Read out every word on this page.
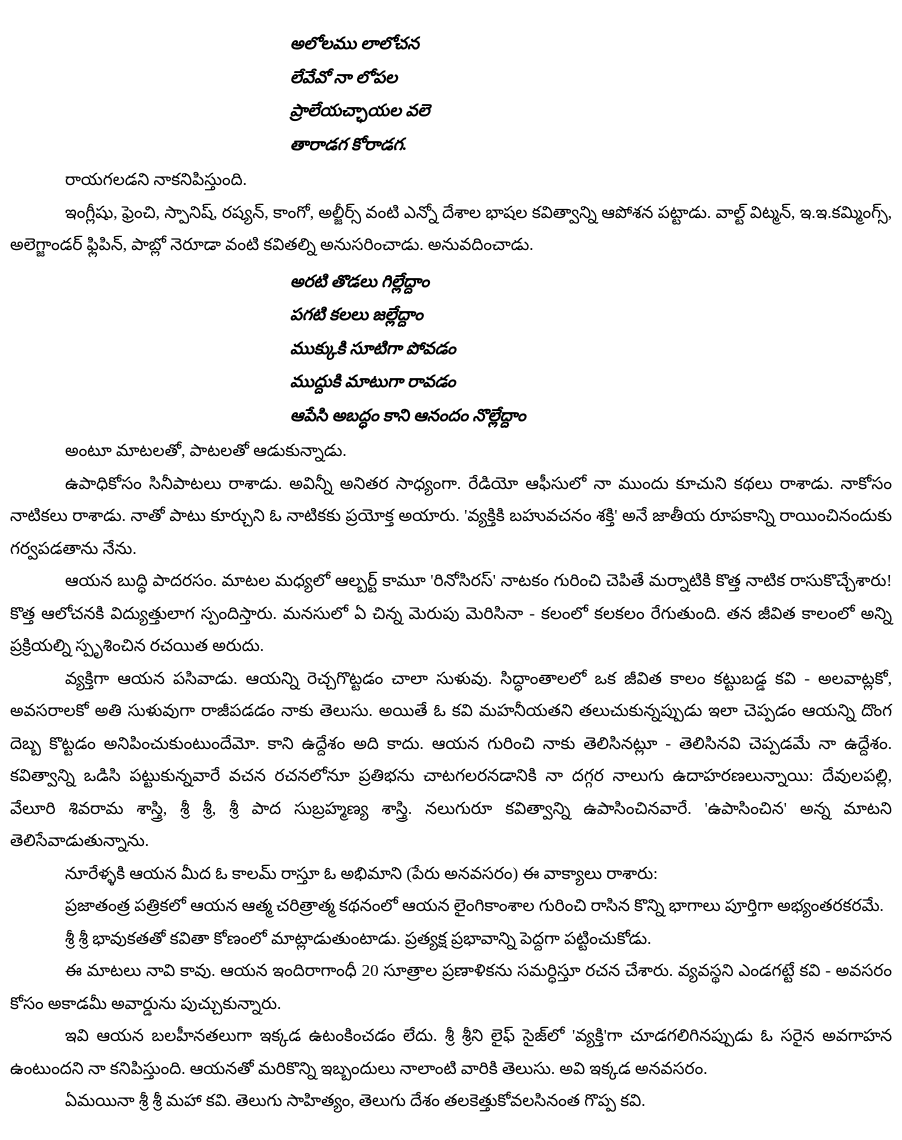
అలోలము లాలోచన
లేవేవో నా లోపల
ప్రాలేయచ్ఛాయల వలె
తారాడగ కోరాడగ.

రాయగలడని నాకనిపిస్తుంది.

ఇంగ్లీషు, ఫ్రెంచి, స్పానిష్, రష్యన్, కాంగో, అల్జీర్స్ వంటి ఎన్నో దేశాల భాషల కవిత్వాన్ని ఆపోశన పట్టాడు. వాల్ట్ విట్మన్, ఇ.ఇ.కమ్మింగ్స్, అలెగ్జాండర్ ఫ్లిపిన్, పాబ్లో నెరూడా వంటి కవితల్ని అనుసరించాడు. అనువదించాడు.

అరటి తొడలు గిల్లేద్దాం
పగటి కలలు జల్లేద్దాం
ముక్కుకి సూటిగా పోవడం
ముద్దుకి మాటుగా రావడం
ఆపేసి అబద్ధం కాని ఆనందం నొల్లేద్దాం

అంటూ మాటలతో, పాటలతో ఆడుకున్నాడు.

ఉపాధికోసం సినీపాటలు రాశాడు. అవిన్నీ అనితర సాధ్యంగా. రేడియో ఆఫీసులో నా ముందు కూచుని కథలు రాశాడు. నాకోసం నాటికలు రాశాడు. నాతో పాటు కూర్చుని ఓ నాటికకు ప్రయోక్త అయారు. 'వ్యక్తికి బహువచనం శక్తి' అనే జాతీయ రూపకాన్ని రాయించినందుకు గర్వపడతాను నేను.

ఆయన బుద్ధి పాదరసం. మాటల మధ్యలో ఆల్బర్ట్ కామూ 'రినోసిరస్' నాటకం గురించి చెపితే మర్నాటికి కొత్త నాటిక రాసుకొచ్చేశారు! కొత్త ఆలోచనకి విద్యుత్తులాగ స్పందిస్తారు. మనసులో ఏ చిన్న మెరుపు మెరిసినా - కలంలో కలకలం రేగుతుంది. తన జీవిత కాలంలో అన్ని ప్రక్రియల్ని స్పృశించిన రచయిత అరుదు.

వ్యక్తిగా ఆయన పసివాడు. ఆయన్ని రెచ్చగొట్టడం చాలా సుళువు. సిద్ధాంతాలలో ఒక జీవిత కాలం కట్టుబడ్డ కవి - అలవాట్లకో, అవసరాలకో అతి సుళువుగా రాజీపడడం నాకు తెలుసు. అయితే ఓ కవి మహనీయతని తలుచుకున్నప్పుడు ఇలా చెప్పడం ఆయన్ని దొంగ దెబ్బ కొట్టడం అనిపించుకుంటుందేమో. కాని ఉద్దేశం అది కాదు. ఆయన గురించి నాకు తెలిసినట్లూ - తెలిసినవి చెప్పడమే నా ఉద్దేశం. కవిత్వాన్ని ఒడిసి పట్టుకున్నవారే వచన రచనలోనూ ప్రతిభను చాటగలరనడానికి నా దగ్గర నాలుగు ఉదాహరణలున్నాయి: దేవులపల్లి, వేలూరి శివరామ శాస్త్రి, శ్రీ శ్రీ, శ్రీ పాద సుబ్రహ్మణ్య శాస్త్రి. నలుగురూ కవిత్వాన్ని ఉపాసించినవారే. 'ఉపాసించిన' అన్న మాటని తెలిసేవాడుతున్నాను.

నూరేళ్ళకి ఆయన మీద ఓ కాలమ్ రాస్తూ ఓ అభిమాని (పేరు అనవసరం) ఈ వాక్యాలు రాశారు:

ప్రజాతంత్ర పత్రికలో ఆయన ఆత్మ చరిత్రాత్మ కథనంలో ఆయన లైంగికాంశాల గురించి రాసిన కొన్ని భాగాలు పూర్తిగా అభ్యంతరకరమే.

శ్రీ శ్రీ భావుకతతో కవితా కోణంలో మాట్లాడుతుంటాడు. ప్రత్యక్ష ప్రభావాన్ని పెద్దగా పట్టించుకోడు.

ఈ మాటలు నావి కావు. ఆయన ఇందిరాగాంధీ 20 సూత్రాల ప్రణాళికను సమర్ధిస్తూ రచన చేశారు. వ్యవస్థని ఎండగట్టే కవి - అవసరం కోసం అకాడమీ అవార్డును పుచ్చుకున్నారు.

ఇవి ఆయన బలహీనతలుగా ఇక్కడ ఉటంకించడం లేదు. శ్రీ శ్రీని లైఫ్ సైజ్‌లో 'వ్యక్తి'గా చూడగలిగినప్పుడు ఓ సరైన అవగాహన ఉంటుందని నా కనిపిస్తుంది. ఆయనతో మరికొన్ని ఇబ్బందులు నాలాంటి వారికి తెలుసు. అవి ఇక్కడ అనవసరం.

ఏమయినా శ్రీ శ్రీ మహా కవి. తెలుగు సాహిత్యం, తెలుగు దేశం తలకెత్తుకోవలసినంత గొప్ప కవి.
